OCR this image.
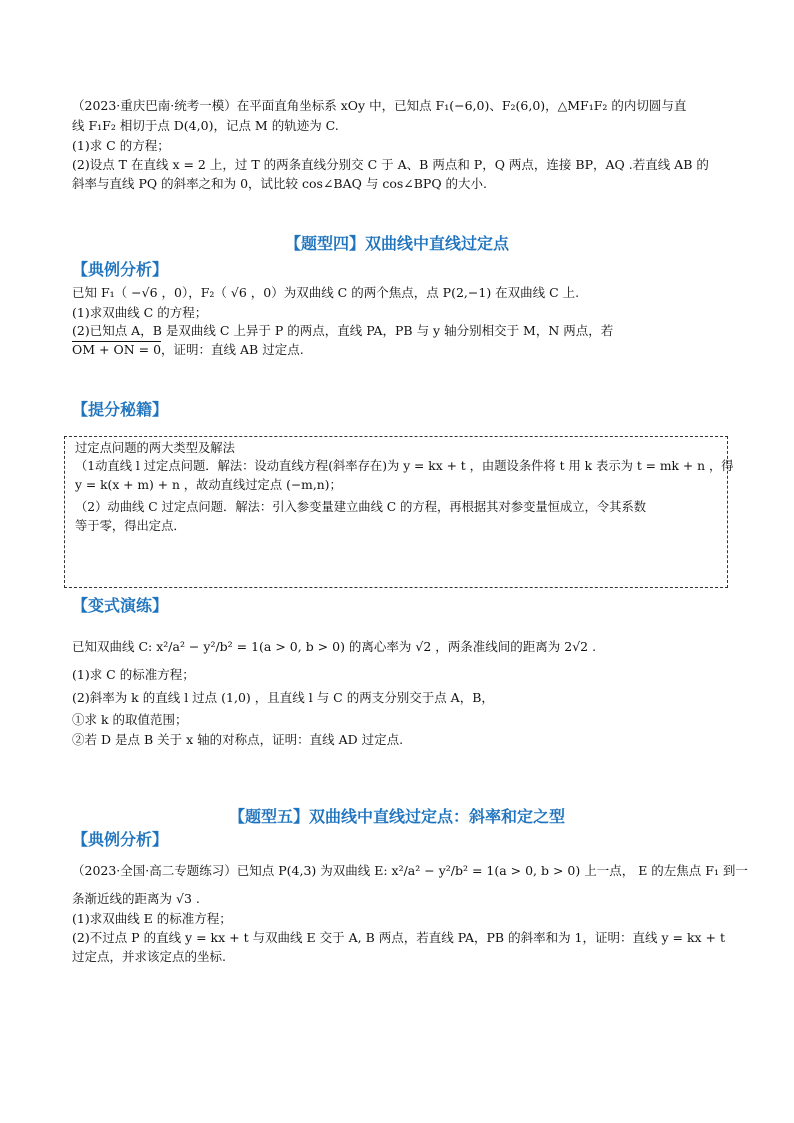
（2023·重庆巴南·统考一模）在平面直角坐标系 xOy 中，已知点 F₁(−6,0)、F₂(6,0)，△MF₁F₂ 的内切圆与直
线 F₁F₂ 相切于点 D(4,0)，记点 M 的轨迹为 C.
(1)求 C 的方程；
(2)设点 T 在直线 x = 2 上，过 T 的两条直线分别交 C 于 A、B 两点和 P，Q 两点，连接 BP，AQ .若直线 AB 的
斜率与直线 PQ 的斜率之和为 0，试比较 cos∠BAQ 与 cos∠BPQ 的大小.
【题型四】双曲线中直线过定点
【典例分析】
已知 F₁（ −√6 ，0），F₂（ √6 ，0）为双曲线 C 的两个焦点，点 P(2,−1) 在双曲线 C 上.
(1)求双曲线 C 的方程；
(2)已知点 A，B 是双曲线 C 上异于 P 的两点，直线 PA，PB 与 y 轴分别相交于 M，N 两点，若
OM + ON = 0，证明：直线 AB 过定点.
【提分秘籍】
过定点问题的两大类型及解法
（1动直线 l 过定点问题．解法：设动直线方程(斜率存在)为 y = kx + t ，由题设条件将 t 用 k 表示为 t = mk + n ，得
y = k(x + m) + n ，故动直线过定点 (−m,n)；
（2）动曲线 C 过定点问题．解法：引入参变量建立曲线 C 的方程，再根据其对参变量恒成立，令其系数
等于零，得出定点．
【变式演练】
已知双曲线 C: x²/a² − y²/b² = 1(a > 0, b > 0) 的离心率为 √2 ，两条准线间的距离为 2√2 .
(1)求 C 的标准方程；
(2)斜率为 k 的直线 l 过点 (1,0) ，且直线 l 与 C 的两支分别交于点 A，B，
①求 k 的取值范围；
②若 D 是点 B 关于 x 轴的对称点，证明：直线 AD 过定点.
【题型五】双曲线中直线过定点：斜率和定之型
【典例分析】
（2023·全国·高二专题练习）已知点 P(4,3) 为双曲线 E: x²/a² − y²/b² = 1(a > 0, b > 0) 上一点， E 的左焦点 F₁ 到一
条渐近线的距离为 √3 .
(1)求双曲线 E 的标准方程；
(2)不过点 P 的直线 y = kx + t 与双曲线 E 交于 A, B 两点，若直线 PA，PB 的斜率和为 1，证明：直线 y = kx + t
过定点，并求该定点的坐标.
